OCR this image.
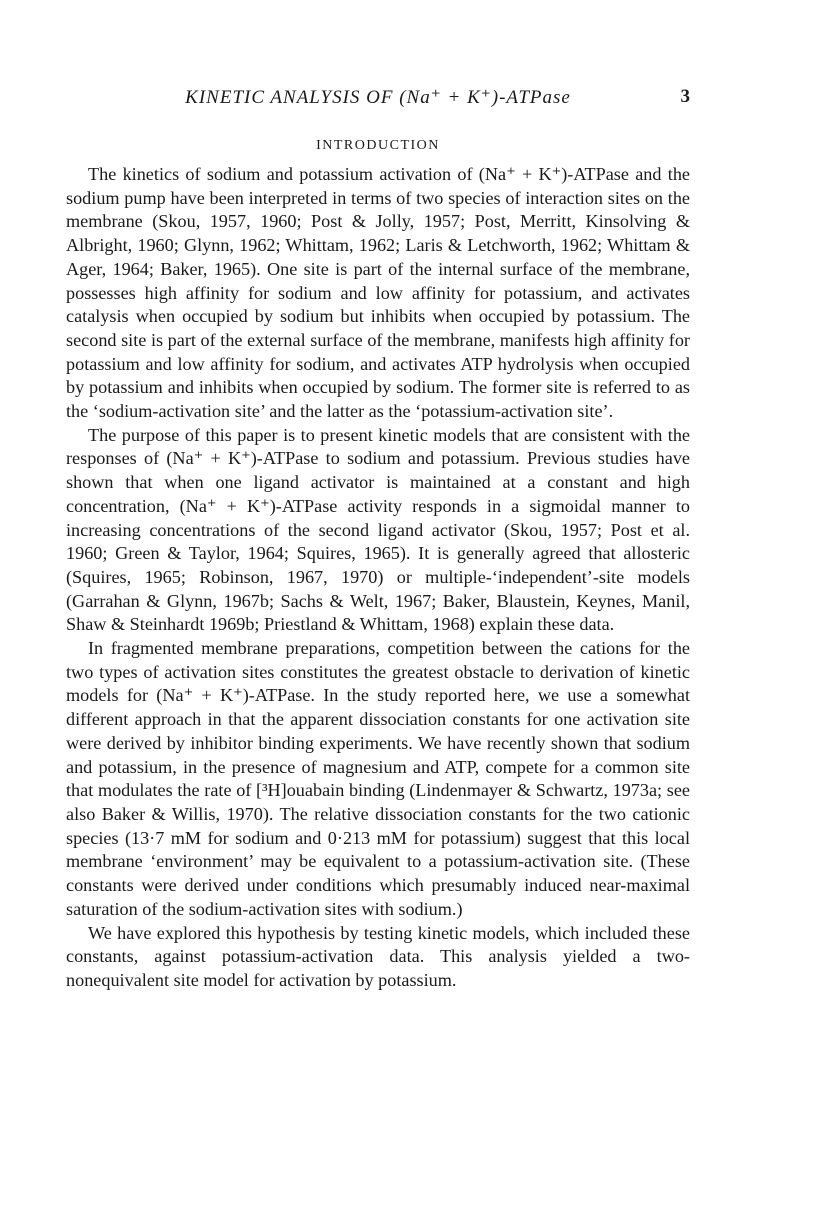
KINETIC ANALYSIS OF (Na⁺ + K⁺)-ATPase	3
INTRODUCTION

The kinetics of sodium and potassium activation of (Na⁺ + K⁺)-ATPase and the sodium pump have been interpreted in terms of two species of interaction sites on the membrane (Skou, 1957, 1960; Post & Jolly, 1957; Post, Merritt, Kinsolving & Albright, 1960; Glynn, 1962; Whittam, 1962; Laris & Letchworth, 1962; Whittam & Ager, 1964; Baker, 1965). One site is part of the internal surface of the membrane, possesses high affinity for sodium and low affinity for potassium, and activates catalysis when occupied by sodium but inhibits when occupied by potassium. The second site is part of the external surface of the membrane, manifests high affinity for potassium and low affinity for sodium, and activates ATP hydrolysis when occupied by potassium and inhibits when occupied by sodium. The former site is referred to as the ‘sodium-activation site’ and the latter as the ‘potassium-activation site’.

The purpose of this paper is to present kinetic models that are consistent with the responses of (Na⁺ + K⁺)-ATPase to sodium and potassium. Previous studies have shown that when one ligand activator is maintained at a constant and high concentration, (Na⁺ + K⁺)-ATPase activity responds in a sigmoidal manner to increasing concentrations of the second ligand activator (Skou, 1957; Post et al. 1960; Green & Taylor, 1964; Squires, 1965). It is generally agreed that allosteric (Squires, 1965; Robinson, 1967, 1970) or multiple-‘independent’-site models (Garrahan & Glynn, 1967b; Sachs & Welt, 1967; Baker, Blaustein, Keynes, Manil, Shaw & Steinhardt 1969b; Priestland & Whittam, 1968) explain these data.

In fragmented membrane preparations, competition between the cations for the two types of activation sites constitutes the greatest obstacle to derivation of kinetic models for (Na⁺ + K⁺)-ATPase. In the study reported here, we use a somewhat different approach in that the apparent dissociation constants for one activation site were derived by inhibitor binding experiments. We have recently shown that sodium and potassium, in the presence of magnesium and ATP, compete for a common site that modulates the rate of [³H]ouabain binding (Lindenmayer & Schwartz, 1973a; see also Baker & Willis, 1970). The relative dissociation constants for the two cationic species (13·7 mM for sodium and 0·213 mM for potassium) suggest that this local membrane ‘environment’ may be equivalent to a potassium-activation site. (These constants were derived under conditions which presumably induced near-maximal saturation of the sodium-activation sites with sodium.)

We have explored this hypothesis by testing kinetic models, which included these constants, against potassium-activation data. This analysis yielded a two-nonequivalent site model for activation by potassium.
